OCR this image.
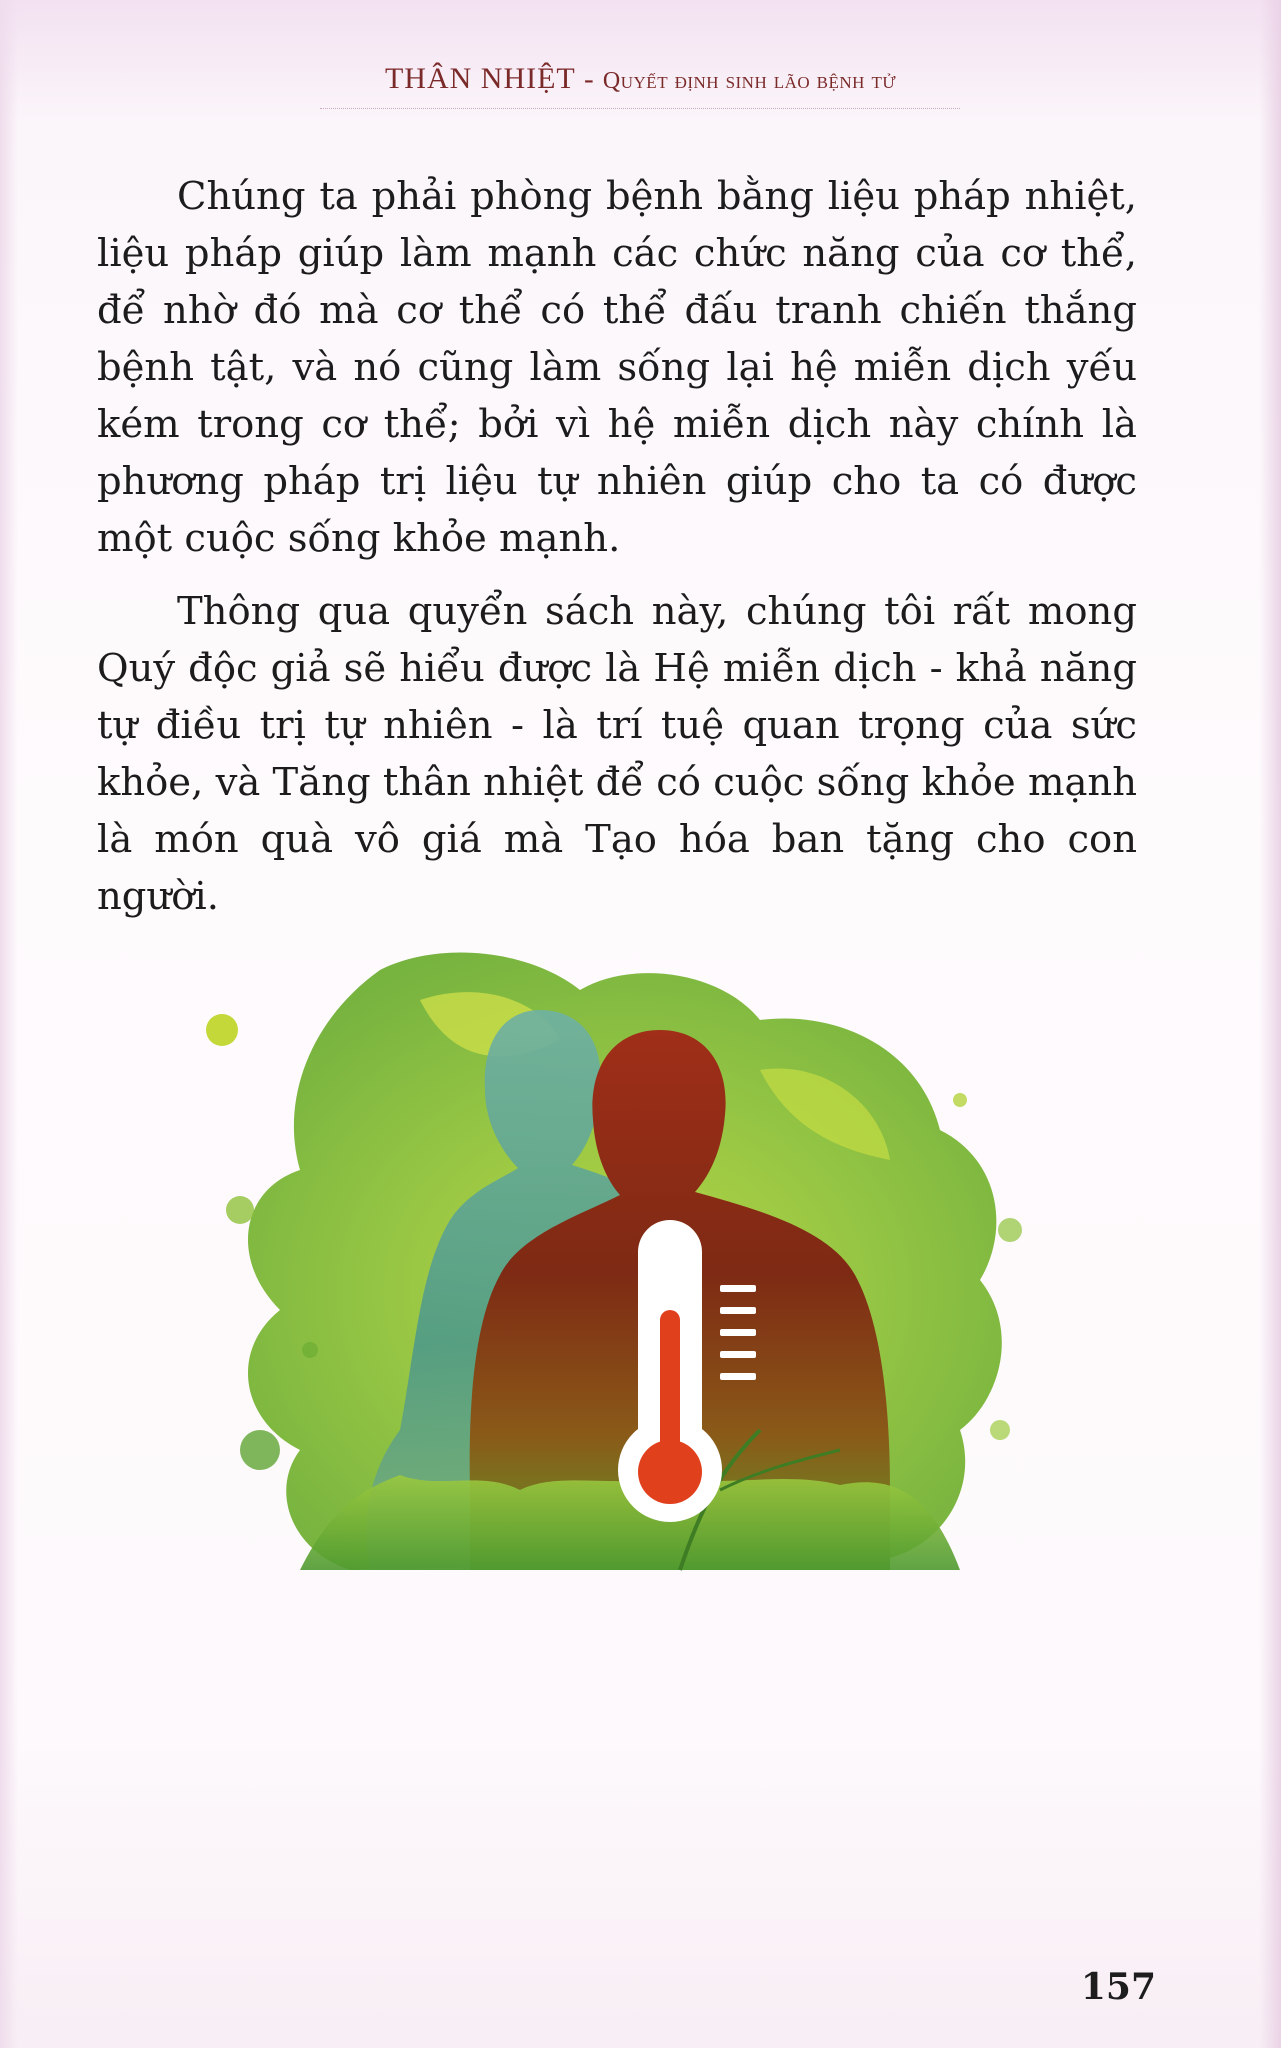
THÂN NHIỆT - Quyết định sinh lão bệnh tử

Chúng ta phải phòng bệnh bằng liệu pháp nhiệt, liệu pháp giúp làm mạnh các chức năng của cơ thể, để nhờ đó mà cơ thể có thể đấu tranh chiến thắng bệnh tật, và nó cũng làm sống lại hệ miễn dịch yếu kém trong cơ thể; bởi vì hệ miễn dịch này chính là phương pháp trị liệu tự nhiên giúp cho ta có được một cuộc sống khỏe mạnh.

Thông qua quyển sách này, chúng tôi rất mong Quý độc giả sẽ hiểu được là Hệ miễn dịch - khả năng tự điều trị tự nhiên - là trí tuệ quan trọng của sức khỏe, và Tăng thân nhiệt để có cuộc sống khỏe mạnh là món quà vô giá mà Tạo hóa ban tặng cho con người.

157
